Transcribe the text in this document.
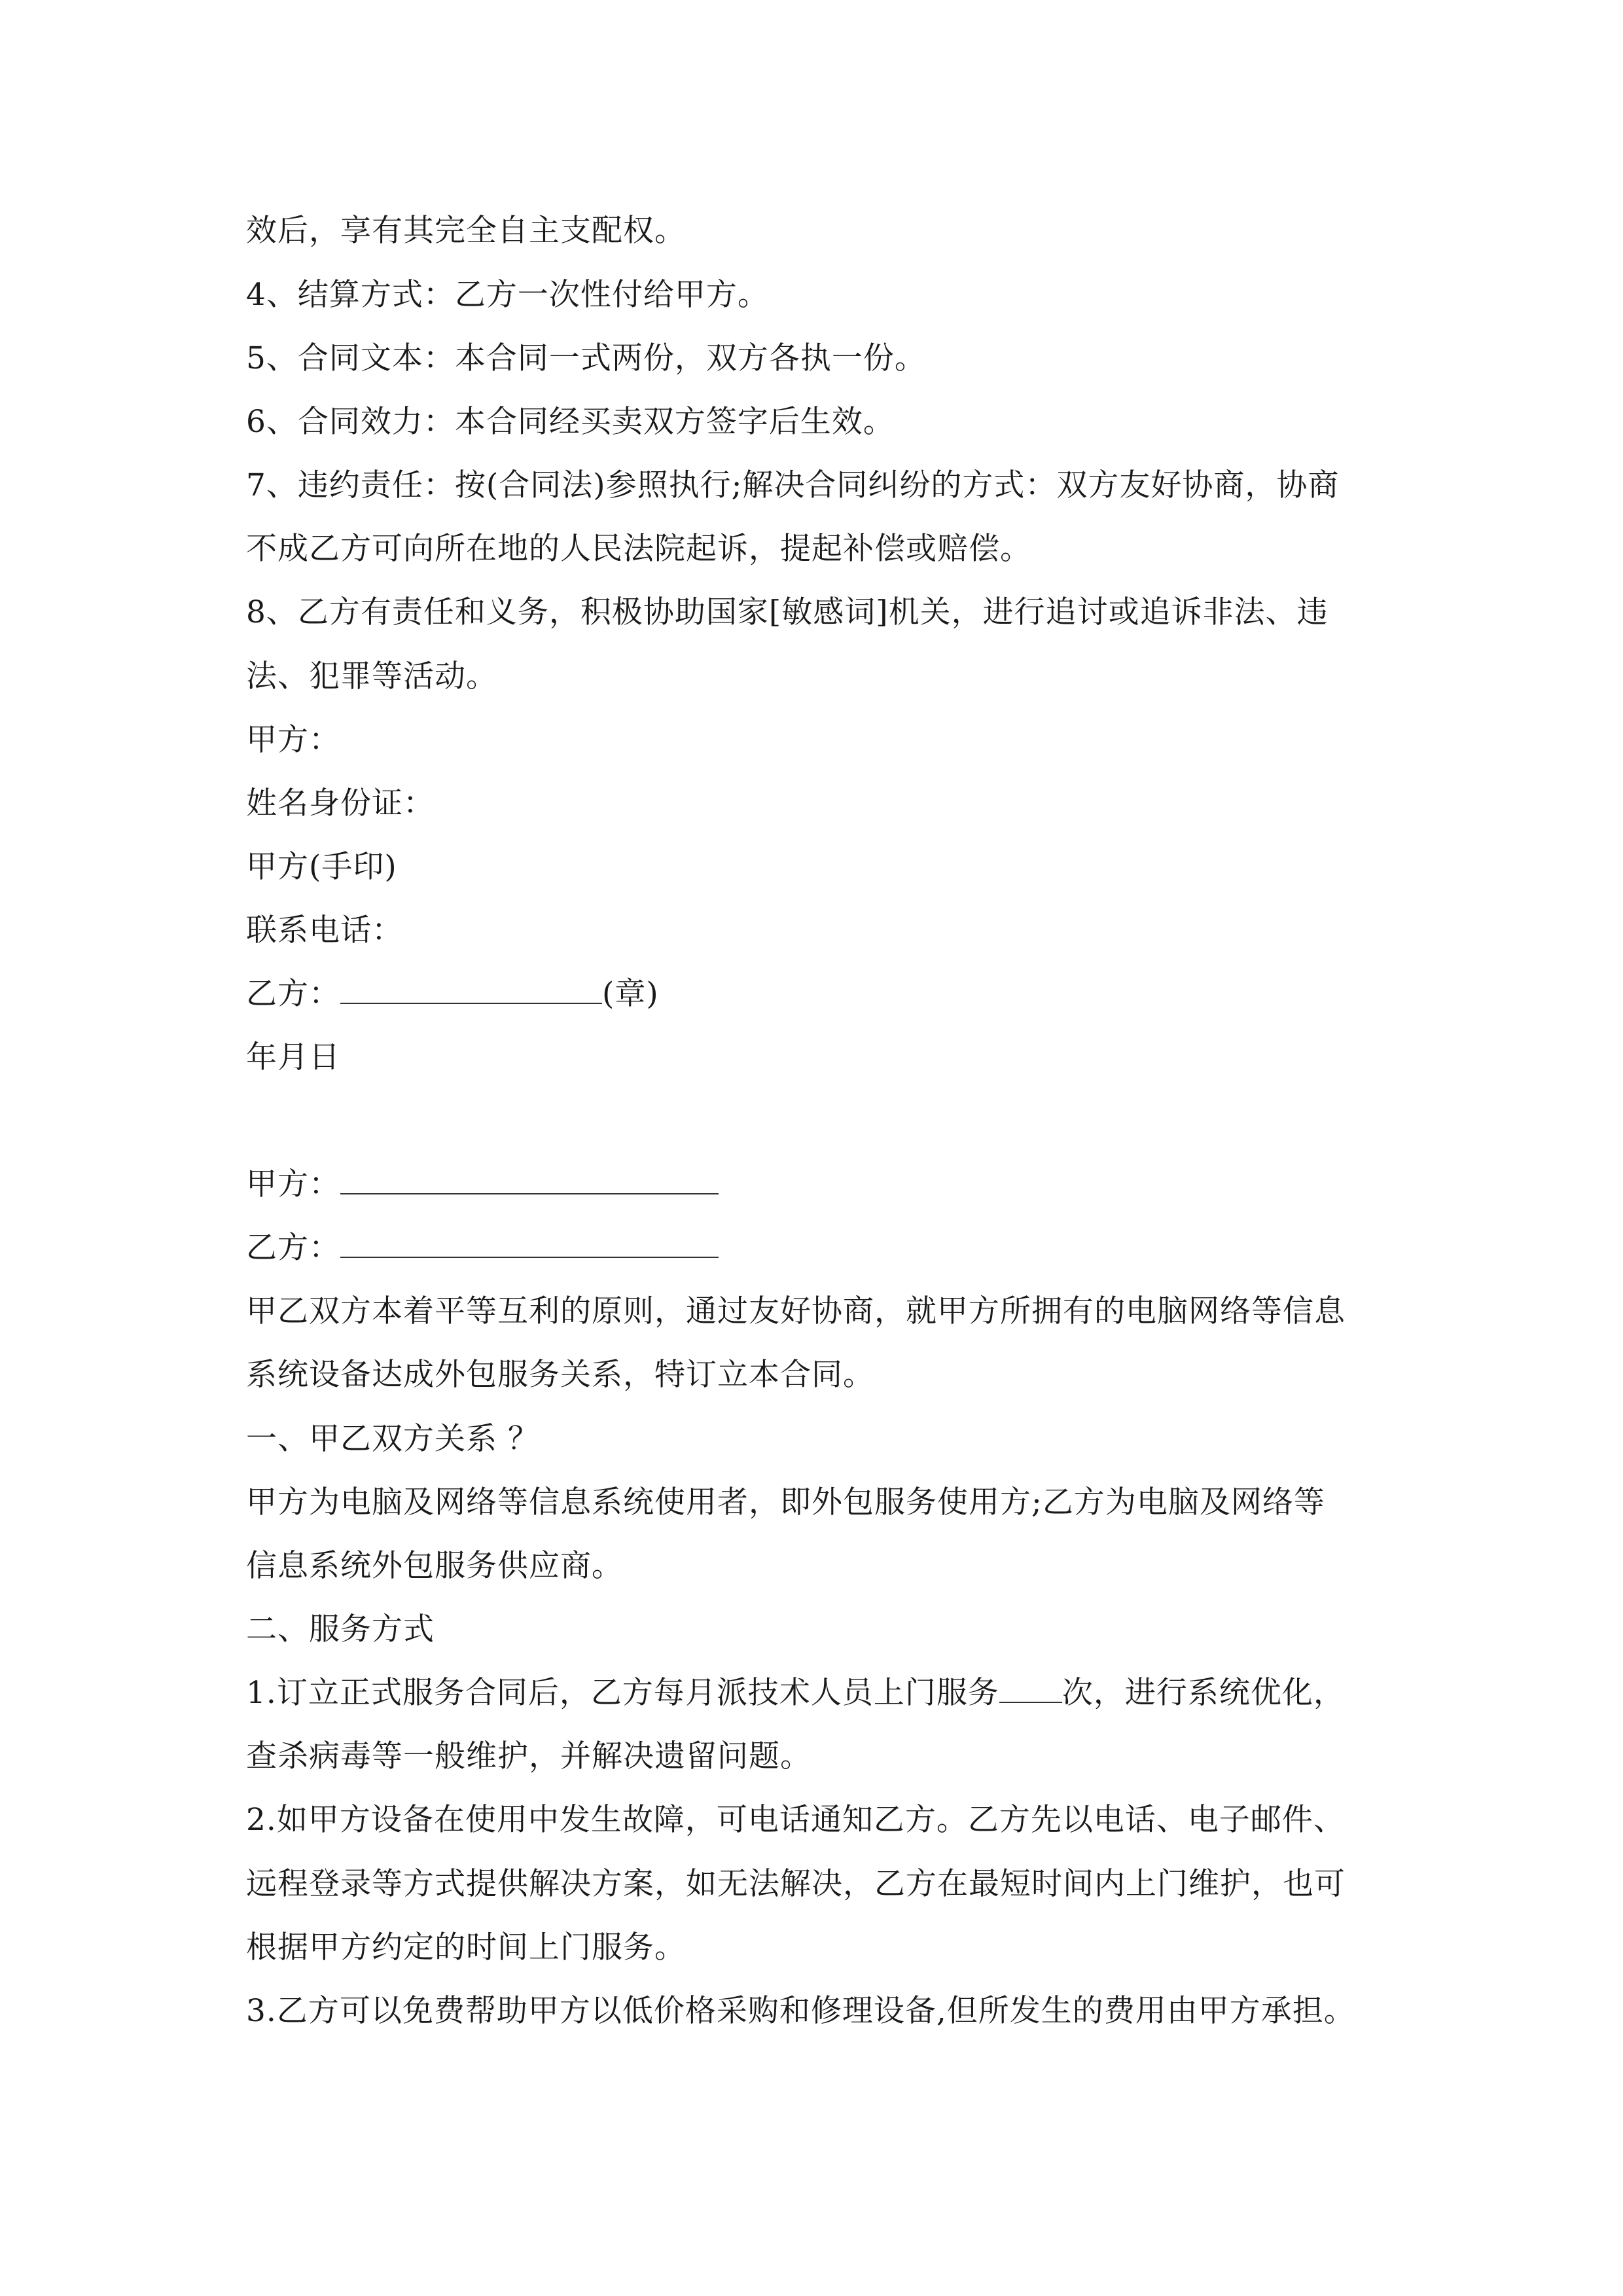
效后，享有其完全自主支配权。
4、结算方式：乙方一次性付给甲方。
5、合同文本：本合同一式两份，双方各执一份。
6、合同效力：本合同经买卖双方签字后生效。
7、违约责任：按(合同法)参照执行;解决合同纠纷的方式：双方友好协商，协商
不成乙方可向所在地的人民法院起诉，提起补偿或赔偿。
8、乙方有责任和义务，积极协助国家[敏感词]机关，进行追讨或追诉非法、违
法、犯罪等活动。
甲方：
姓名身份证：
甲方(手印)
联系电话：
乙方：	(章)
年月日
甲方：
乙方：
甲乙双方本着平等互利的原则，通过友好协商，就甲方所拥有的电脑网络等信息
系统设备达成外包服务关系，特订立本合同。
一、甲乙双方关系 ？
甲方为电脑及网络等信息系统使用者，即外包服务使用方;乙方为电脑及网络等
信息系统外包服务供应商。
二、服务方式
1.订立正式服务合同后，乙方每月派技术人员上门服务 次，进行系统优化，
查杀病毒等一般维护，并解决遗留问题。
2.如甲方设备在使用中发生故障，可电话通知乙方。乙方先以电话、电子邮件、
远程登录等方式提供解决方案，如无法解决，乙方在最短时间内上门维护，也可
根据甲方约定的时间上门服务。
3.乙方可以免费帮助甲方以低价格采购和修理设备,但所发生的费用由甲方承担。
